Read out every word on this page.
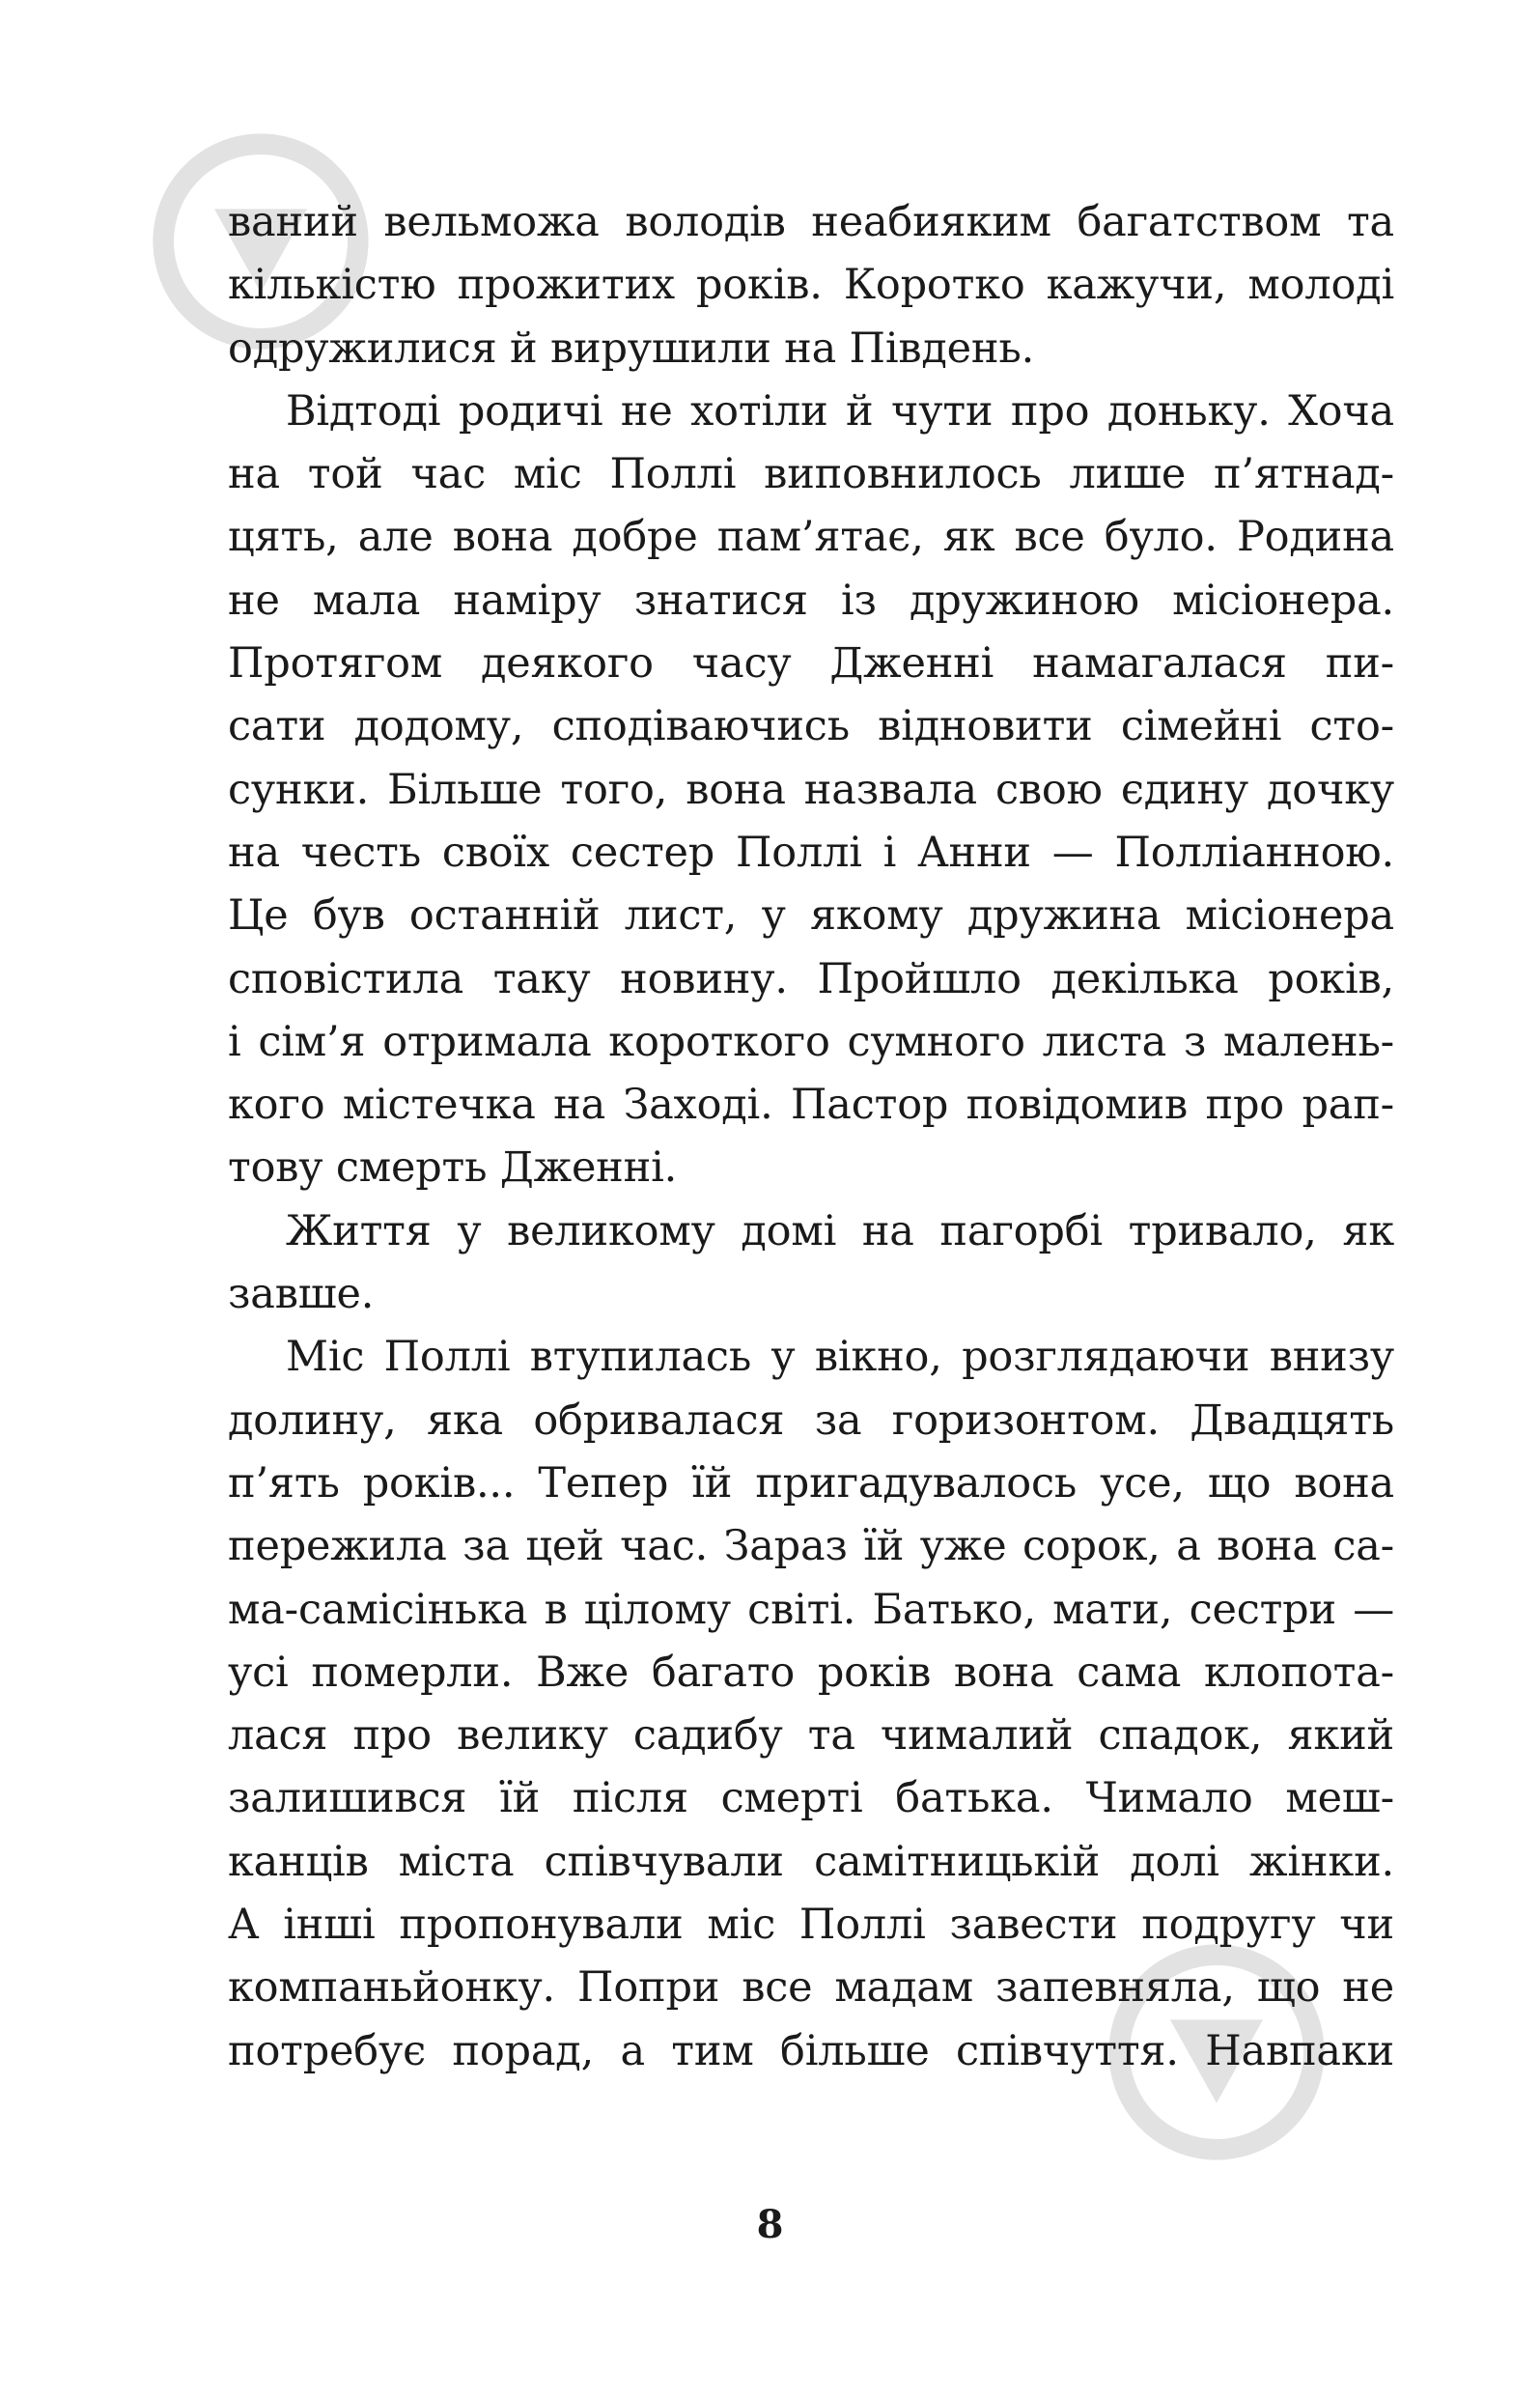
ваний вельможа володів неабияким багатством та
кількістю прожитих років. Коротко кажучи, молоді
одружилися й вирушили на Південь.
Відтоді родичі не хотіли й чути про доньку. Хоча
на той час міс Поллі виповнилось лише п’ятнад-
цять, але вона добре пам’ятає, як все було. Родина
не мала наміру знатися із дружиною місіонера.
Протягом деякого часу Дженні намагалася пи-
сати додому, сподіваючись відновити сімейні сто-
сунки. Більше того, вона назвала свою єдину дочку
на честь своїх сестер Поллі і Анни — Полліанною.
Це був останній лист, у якому дружина місіонера
сповістила таку новину. Пройшло декілька років,
і сім’я отримала короткого сумного листа з малень-
кого містечка на Заході. Пастор повідомив про рап-
тову смерть Дженні.
Життя у великому домі на пагорбі тривало, як
завше.
Міс Поллі втупилась у вікно, розглядаючи внизу
долину, яка обривалася за горизонтом. Двадцять
п’ять років... Тепер їй пригадувалось усе, що вона
пережила за цей час. Зараз їй уже сорок, а вона са-
ма-самісінька в цілому світі. Батько, мати, сестри —
усі померли. Вже багато років вона сама клопота-
лася про велику садибу та чималий спадок, який
залишився їй після смерті батька. Чимало меш-
канців міста співчували самітницькій долі жінки.
А інші пропонували міс Поллі завести подругу чи
компаньйонку. Попри все мадам запевняла, що не
потребує порад, а тим більше співчуття. Навпаки
8
